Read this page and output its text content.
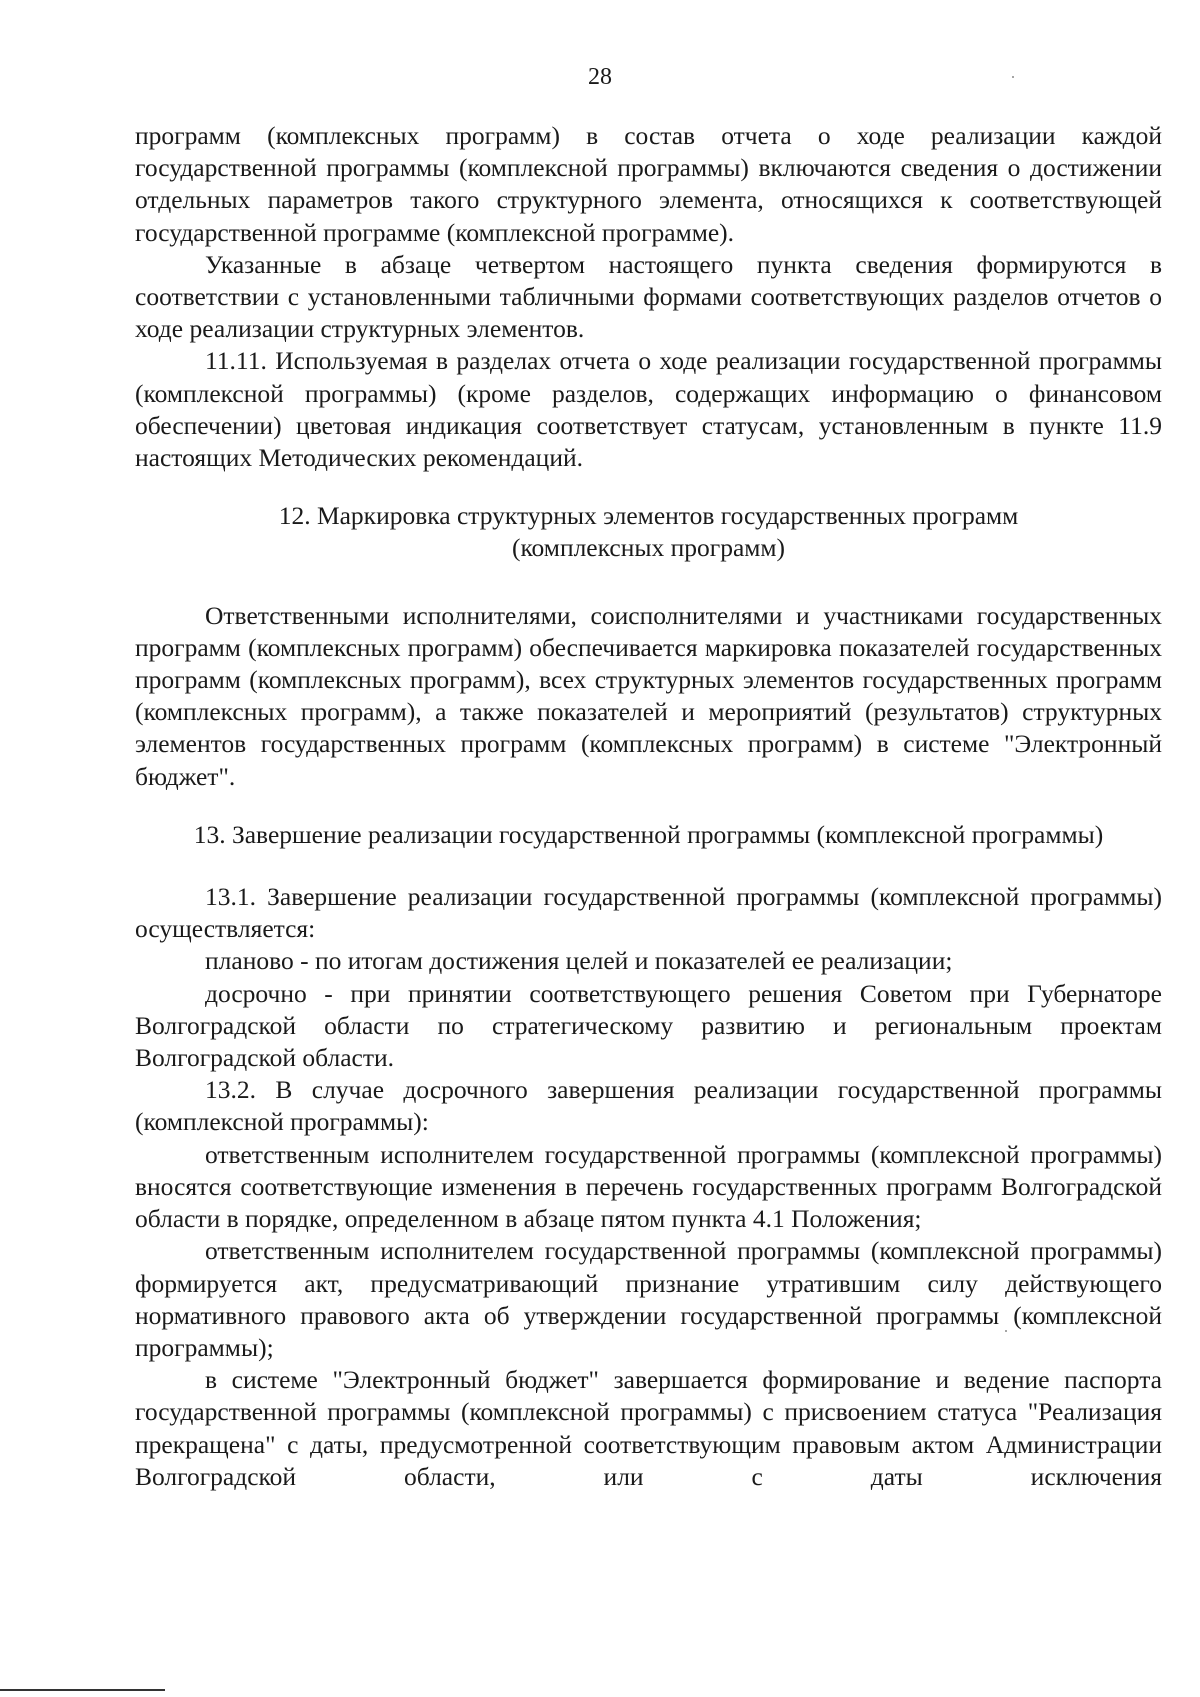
28

программ (комплексных программ) в состав отчета о ходе реализации каждой государственной программы (комплексной программы) включаются сведения о достижении отдельных параметров такого структурного элемента, относящихся к соответствующей государственной программе (комплексной программе).

Указанные в абзаце четвертом настоящего пункта сведения формируются в соответствии с установленными табличными формами соответствующих разделов отчетов о ходе реализации структурных элементов.

11.11. Используемая в разделах отчета о ходе реализации государственной программы (комплексной программы) (кроме разделов, содержащих информацию о финансовом обеспечении) цветовая индикация соответствует статусам, установленным в пункте 11.9 настоящих Методических рекомендаций.

12. Маркировка структурных элементов государственных программ
(комплексных программ)

Ответственными исполнителями, соисполнителями и участниками государственных программ (комплексных программ) обеспечивается маркировка показателей государственных программ (комплексных программ), всех структурных элементов государственных программ (комплексных программ), а также показателей и мероприятий (результатов) структурных элементов государственных программ (комплексных программ) в системе "Электронный бюджет".

13. Завершение реализации государственной программы (комплексной программы)

13.1. Завершение реализации государственной программы (комплексной программы) осуществляется:

планово - по итогам достижения целей и показателей ее реализации;

досрочно - при принятии соответствующего решения Советом при Губернаторе Волгоградской области по стратегическому развитию и региональным проектам Волгоградской области.

13.2. В случае досрочного завершения реализации государственной программы (комплексной программы):

ответственным исполнителем государственной программы (комплексной программы) вносятся соответствующие изменения в перечень государственных программ Волгоградской области в порядке, определенном в абзаце пятом пункта 4.1 Положения;

ответственным исполнителем государственной программы (комплексной программы) формируется акт, предусматривающий признание утратившим силу действующего нормативного правового акта об утверждении государственной программы (комплексной программы);

в системе "Электронный бюджет" завершается формирование и ведение паспорта государственной программы (комплексной программы) с присвоением статуса "Реализация прекращена" с даты, предусмотренной соответствующим правовым актом Администрации Волгоградской области, или с даты исключения
